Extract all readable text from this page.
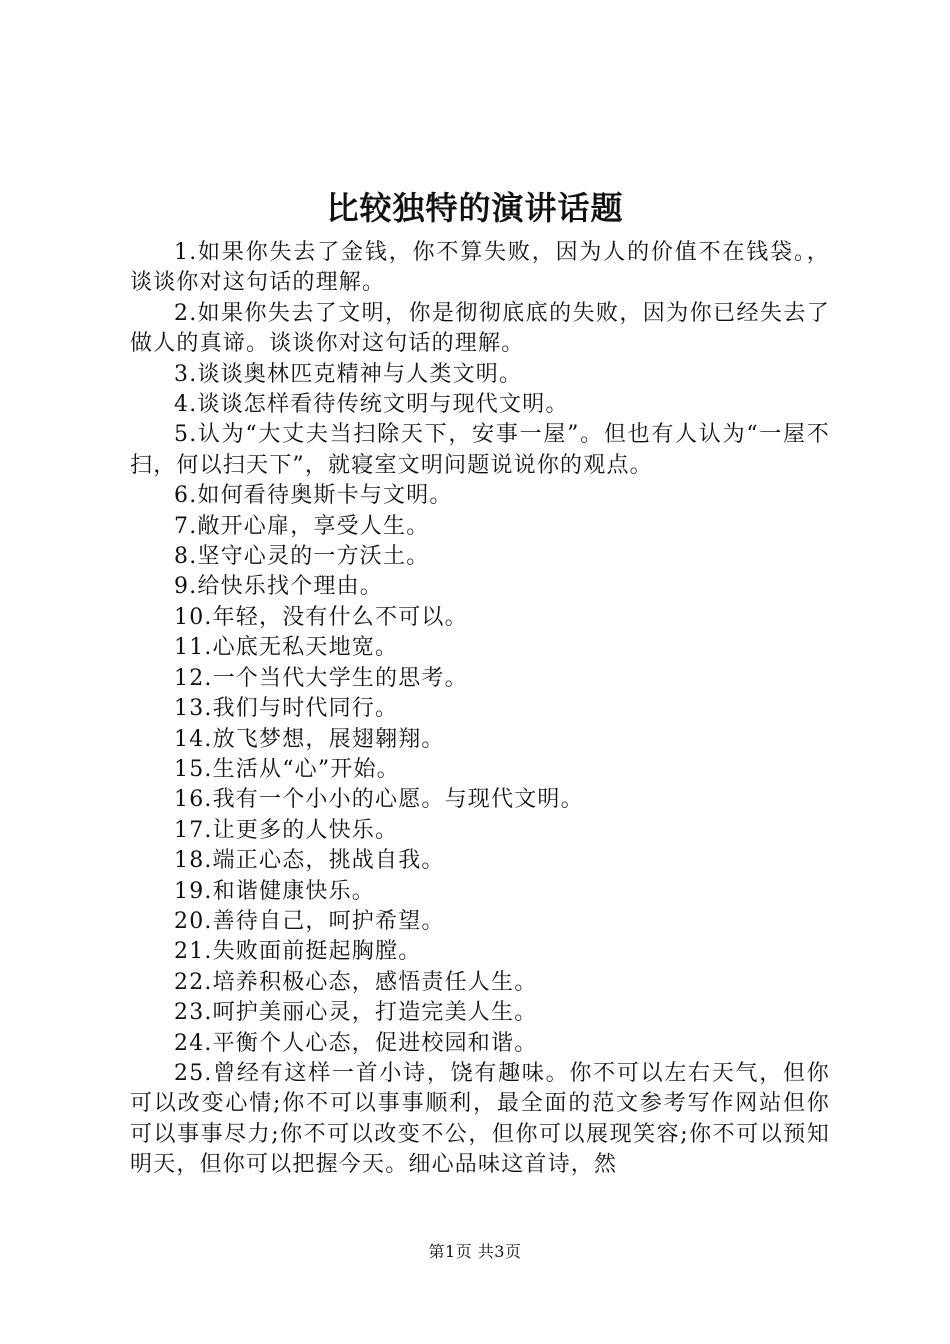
比较独特的演讲话题

1.如果你失去了金钱，你不算失败，因为人的价值不在钱袋。，谈谈你对这句话的理解。

2.如果你失去了文明，你是彻彻底底的失败，因为你已经失去了做人的真谛。谈谈你对这句话的理解。

3.谈谈奥林匹克精神与人类文明。

4.谈谈怎样看待传统文明与现代文明。

5.认为“大丈夫当扫除天下，安事一屋”。但也有人认为“一屋不扫，何以扫天下”，就寝室文明问题说说你的观点。

6.如何看待奥斯卡与文明。

7.敞开心扉，享受人生。

8.坚守心灵的一方沃土。

9.给快乐找个理由。

10.年轻，没有什么不可以。

11.心底无私天地宽。

12.一个当代大学生的思考。

13.我们与时代同行。

14.放飞梦想，展翅翱翔。

15.生活从“心”开始。

16.我有一个小小的心愿。与现代文明。

17.让更多的人快乐。

18.端正心态，挑战自我。

19.和谐健康快乐。

20.善待自己，呵护希望。

21.失败面前挺起胸膛。

22.培养积极心态，感悟责任人生。

23.呵护美丽心灵，打造完美人生。

24.平衡个人心态，促进校园和谐。

25.曾经有这样一首小诗，饶有趣味。你不可以左右天气，但你可以改变心情;你不可以事事顺利，最全面的范文参考写作网站但你可以事事尽力;你不可以改变不公，但你可以展现笑容;你不可以预知明天，但你可以把握今天。细心品味这首诗，然

第1页 共3页
